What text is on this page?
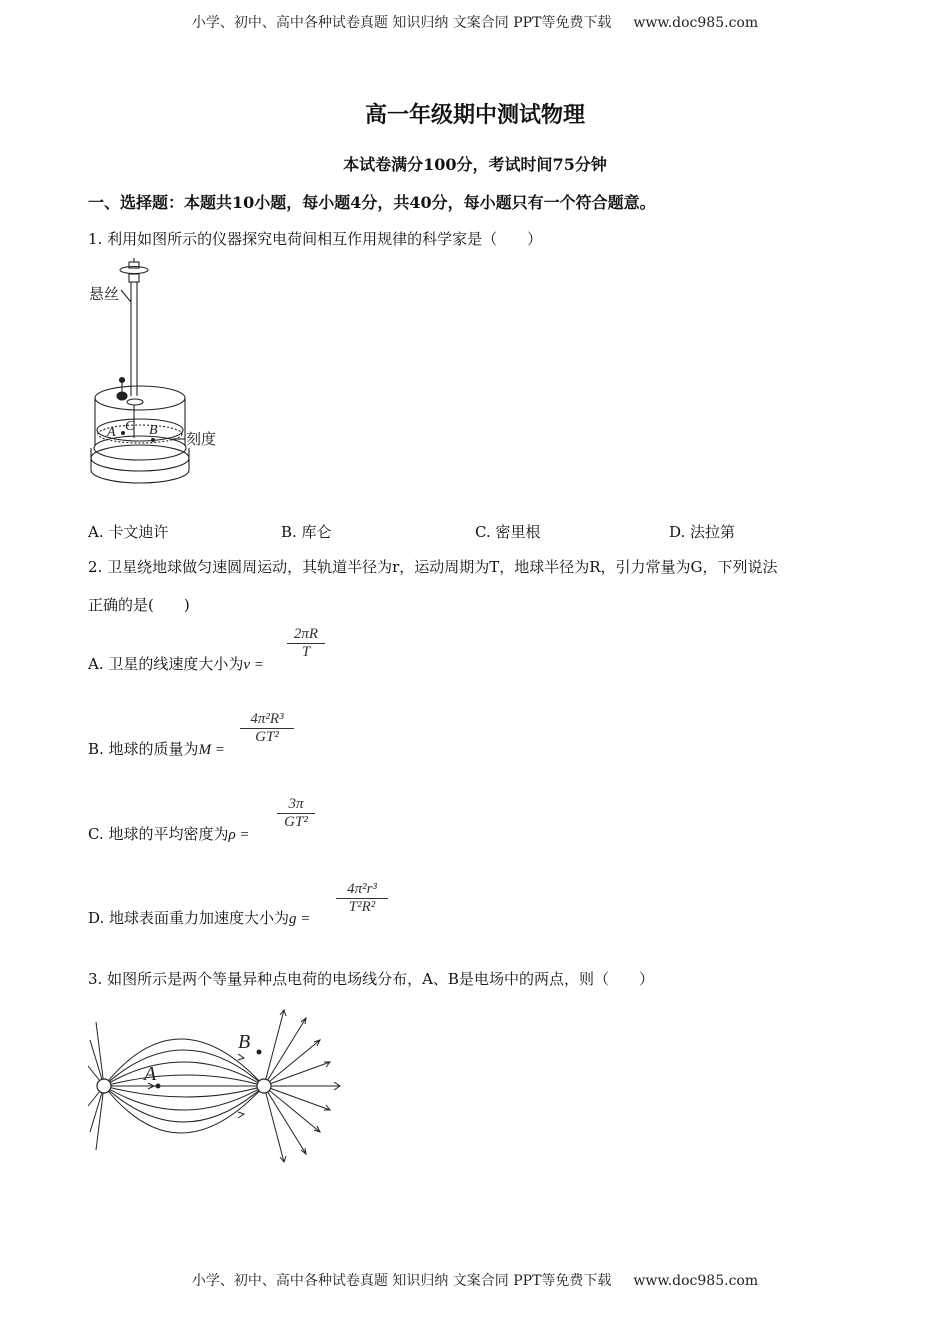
小学、初中、高中各种试卷真题 知识归纳 文案合同 PPT等免费下载 www.doc985.com
高一年级期中测试物理
本试卷满分100分，考试时间75分钟
一、选择题：本题共10小题，每小题4分，共40分，每小题只有一个符合题意。
1. 利用如图所示的仪器探究电荷间相互作用规律的科学家是（　　）
悬丝
刻度
A C B
A. 卡文迪许	B. 库仑	C. 密里根	D. 法拉第
2. 卫星绕地球做匀速圆周运动，其轨道半径为r，运动周期为T，地球半径为R，引力常量为G，下列说法
正确的是(　　)
A. 卫星的线速度大小为v =
2πR
T
B. 地球的质量为M =
4π²R³
GT²
C. 地球的平均密度为ρ =
3π
GT²
D. 地球表面重力加速度大小为g =
4π²r³
T²R²
3. 如图所示是两个等量异种点电荷的电场线分布，A、B是电场中的两点，则（　　）
A
B
小学、初中、高中各种试卷真题 知识归纳 文案合同 PPT等免费下载 www.doc985.com
